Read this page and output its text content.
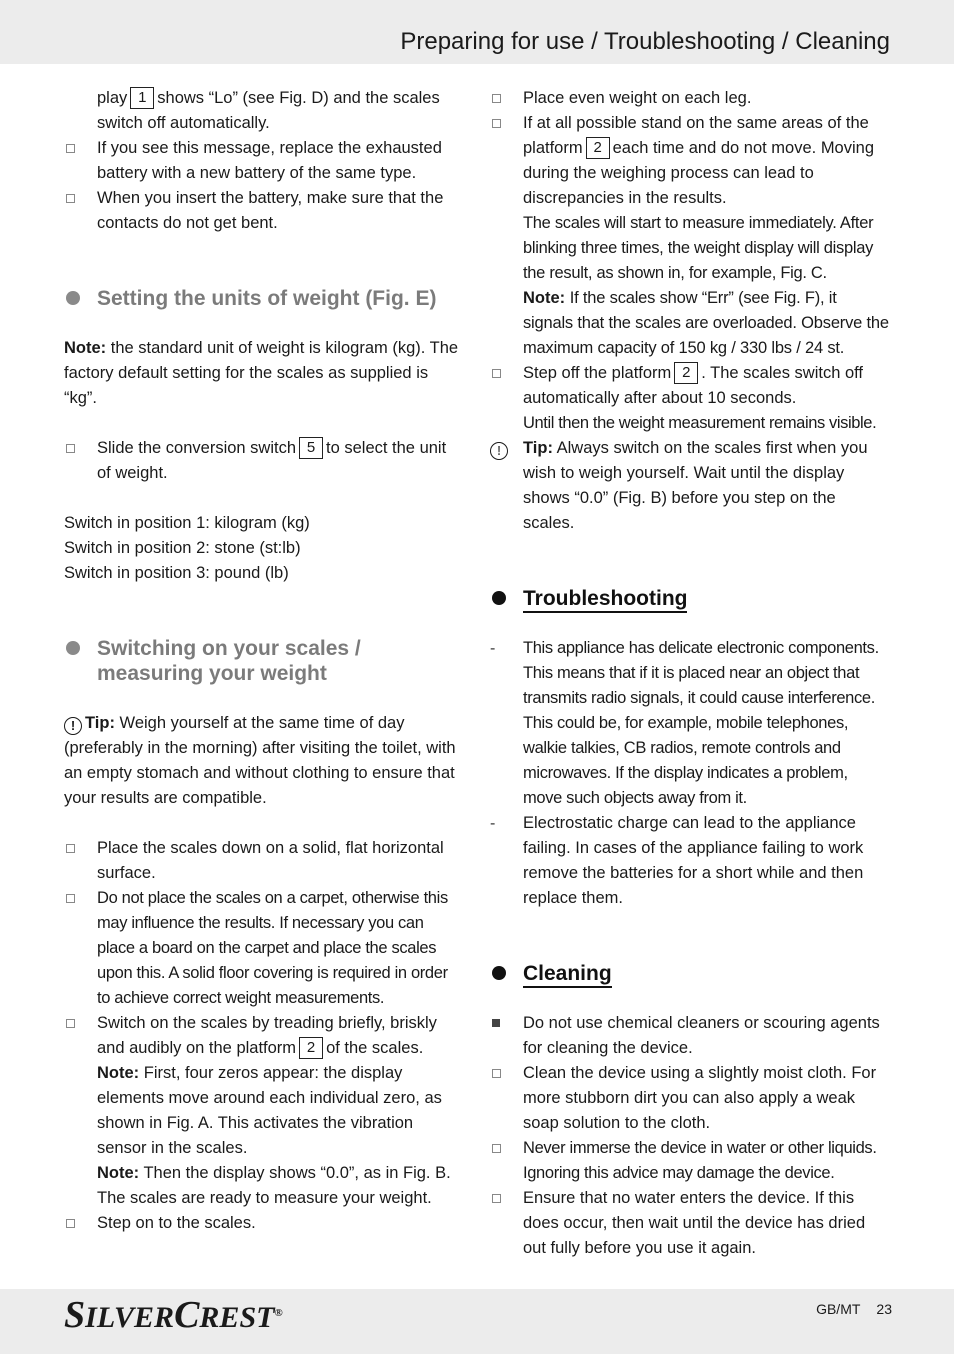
Preparing for use / Troubleshooting / Cleaning
play 1 shows “Lo” (see Fig. D) and the scales switch off automatically.
If you see this message, replace the exhausted battery with a new battery of the same type.
When you insert the battery, make sure that the contacts do not get bent.
Setting the units of weight (Fig. E)

Note: the standard unit of weight is kilogram (kg). The factory default setting for the scales as supplied is “kg”.

Slide the conversion switch 5 to select the unit of weight.

Switch in position 1: kilogram (kg)

Switch in position 2: stone (st:lb)

Switch in position 3: pound (lb)

Switching on your scales /
measuring your weight

! Tip: Weigh yourself at the same time of day (preferably in the morning) after visiting the toilet, with an empty stomach and without clothing to ensure that your results are compatible.

Place the scales down on a solid, flat horizontal surface.
Do not place the scales on a carpet, otherwise this may influence the results. If necessary you can place a board on the carpet and place the scales upon this. A solid floor covering is required in order to achieve correct weight measurements.
Switch on the scales by treading briefly, briskly and audibly on the platform 2 of the scales.
Note: First, four zeros appear: the display elements move around each individual zero, as shown in Fig. A. This activates the vibration sensor in the scales.
Note: Then the display shows “0.0”, as in Fig. B.
The scales are ready to measure your weight.
Step on to the scales.
Place even weight on each leg.
If at all possible stand on the same areas of the platform 2 each time and do not move. Moving during the weighing process can lead to discrepancies in the results.
The scales will start to measure immediately. After blinking three times, the weight display will display the result, as shown in, for example, Fig. C.
Note: If the scales show “Err” (see Fig. F), it signals that the scales are overloaded. Observe the maximum capacity of 150 kg / 330 lbs / 24 st.
Step off the platform 2 . The scales switch off automatically after about 10 seconds.
Until then the weight measurement remains visible.
!	Tip: Always switch on the scales first when you wish to weigh yourself. Wait until the display shows “0.0” (Fig. B) before you step on the scales.
Troubleshooting
-	This appliance has delicate electronic components. This means that if it is placed near an object that transmits radio signals, it could cause interference. This could be, for example, mobile telephones, walkie talkies, CB radios, remote controls and microwaves. If the display indicates a problem, move such objects away from it.
-	Electrostatic charge can lead to the appliance failing. In cases of the appliance failing to work remove the batteries for a short while and then replace them.
Cleaning
Do not use chemical cleaners or scouring agents for cleaning the device.
Clean the device using a slightly moist cloth. For more stubborn dirt you can also apply a weak soap solution to the cloth.
Never immerse the device in water or other liquids. Ignoring this advice may damage the device.
Ensure that no water enters the device. If this does occur, then wait until the device has dried out fully before you use it again.
SILVERCREST®	GB/MT 23
